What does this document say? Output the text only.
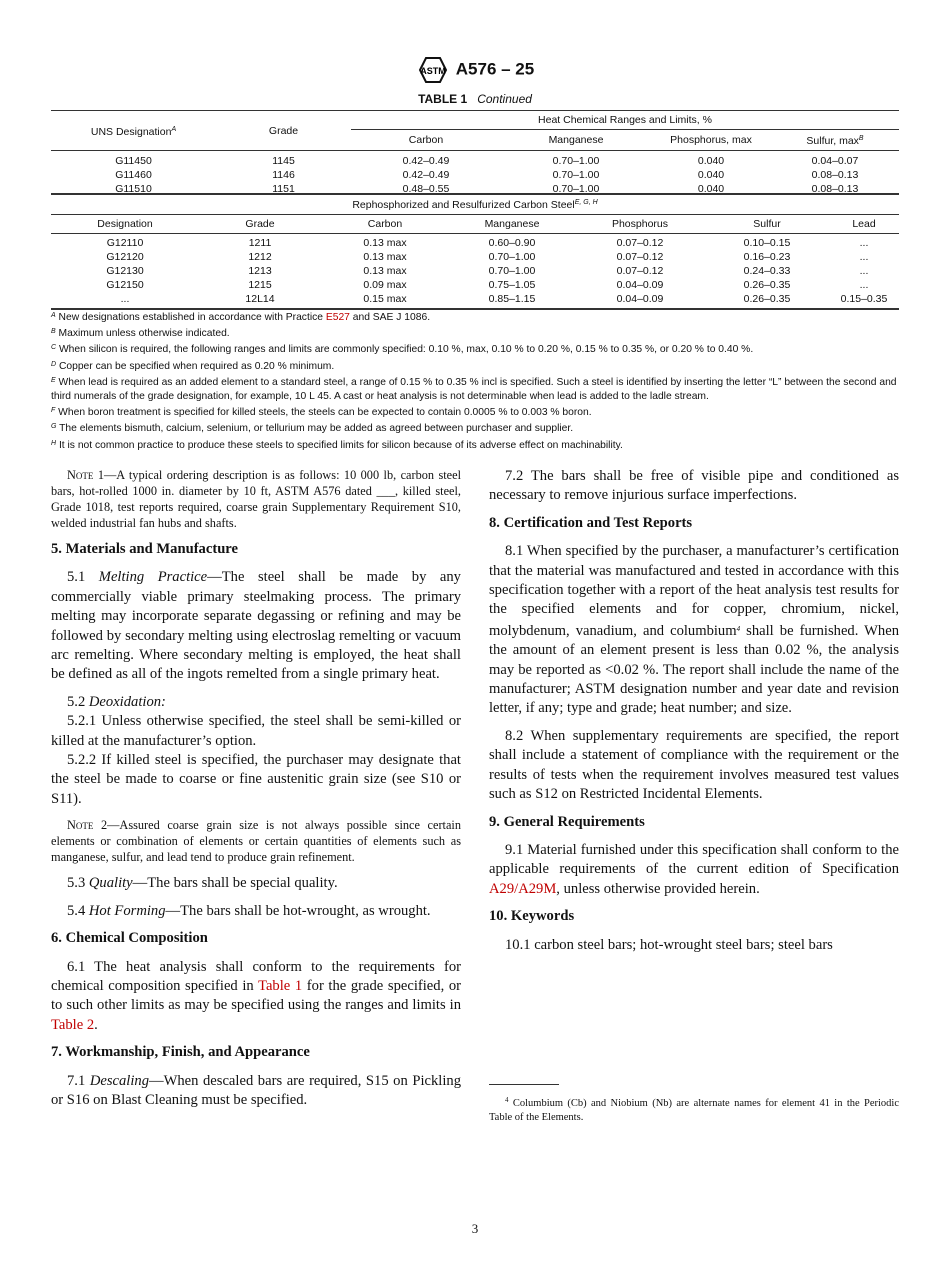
ASTM A576 – 25
TABLE 1 Continued
UNS Designation$^A$	Grade	Heat Chemical Ranges and Limits, %			
		Carbon	Manganese	Phosphorus, max	Sulfur, $\max^B$
G11450	1145	0.42–0.49	0.70–1.00	0.040	0.04–0.07
G11460	1146	0.42–0.49	0.70–1.00	0.040	0.08–0.13
G11510	1151	0.48–0.55	0.70–1.00	0.040	0.08–0.13
Rephosphorized and Resulfurized Carbon Steel$^{E, G, H}$
Designation	Grade	Carbon	Manganese	Phosphorus	Sulfur	Lead
G12110	1211	0.13 max	0.60–0.90	0.07–0.12	0.10–0.15	...
G12120	1212	0.13 max	0.70–1.00	0.07–0.12	0.16–0.23	...
G12130	1213	0.13 max	0.70–1.00	0.07–0.12	0.24–0.33	...
G12150	1215	0.09 max	0.75–1.05	0.04–0.09	0.26–0.35	...
...	12L14	0.15 max	0.85–1.15	0.04–0.09	0.26–0.35	0.15–0.35
$^A$ New designations established in accordance with Practice E527 and SAE J 1086.
$^B$ Maximum unless otherwise indicated.
$^C$ When silicon is required, the following ranges and limits are commonly specified: 0.10 %, max, 0.10 % to 0.20 %, 0.15 % to 0.35 %, or 0.20 % to 0.40 %.
$^D$ Copper can be specified when required as 0.20 % minimum.
$^E$ When lead is required as an added element to a standard steel, a range of 0.15 % to 0.35 % incl is specified. Such a steel is identified by inserting the letter “L” between the second and third numerals of the grade designation, for example, 10 L 45. A cast or heat analysis is not determinable when lead is added to the ladle stream.
$^F$ When boron treatment is specified for killed steels, the steels can be expected to contain 0.0005 % to 0.003 % boron.
$^G$ The elements bismuth, calcium, selenium, or tellurium may be added as agreed between purchaser and supplier.
$^H$ It is not common practice to produce these steels to specified limits for silicon because of its adverse effect on machinability.
Note 1—A typical ordering description is as follows: 10 000 lb, carbon steel bars, hot-rolled 1000 in. diameter by 10 ft, ASTM A576 dated ___, killed steel, Grade 1018, test reports required, coarse grain Supplementary Requirement S10, welded industrial fan hubs and shafts.
5. Materials and Manufacture
5.1 Melting Practice—The steel shall be made by any commercially viable primary steelmaking process. The primary melting may incorporate separate degassing or refining and may be followed by secondary melting using electroslag remelting or vacuum arc remelting. Where secondary melting is employed, the heat shall be defined as all of the ingots remelted from a single primary heat.
5.2 Deoxidation:
5.2.1 Unless otherwise specified, the steel shall be semi-killed or killed at the manufacturer’s option.
5.2.2 If killed steel is specified, the purchaser may designate that the steel be made to coarse or fine austenitic grain size (see S10 or S11).
Note 2—Assured coarse grain size is not always possible since certain elements or combination of elements or certain quantities of elements such as manganese, sulfur, and lead tend to produce grain refinement.
5.3 Quality—The bars shall be special quality.
5.4 Hot Forming—The bars shall be hot-wrought, as wrought.
6. Chemical Composition
6.1 The heat analysis shall conform to the requirements for chemical composition specified in Table 1 for the grade specified, or to such other limits as may be specified using the ranges and limits in Table 2.
7. Workmanship, Finish, and Appearance
7.1 Descaling—When descaled bars are required, S15 on Pickling or S16 on Blast Cleaning must be specified.
7.2 The bars shall be free of visible pipe and conditioned as necessary to remove injurious surface imperfections.
8. Certification and Test Reports
8.1 When specified by the purchaser, a manufacturer’s certification that the material was manufactured and tested in accordance with this specification together with a report of the heat analysis test results for the specified elements and for copper, chromium, nickel, molybdenum, vanadium, and columbium$^4$ shall be furnished. When the amount of an element present is less than 0.02 %, the analysis may be reported as <0.02 %. The report shall include the name of the manufacturer; ASTM designation number and year date and revision letter, if any; type and grade; heat number; and size.
8.2 When supplementary requirements are specified, the report shall include a statement of compliance with the requirement or the results of tests when the requirement involves measured test values such as S12 on Restricted Incidental Elements.
9. General Requirements
9.1 Material furnished under this specification shall conform to the applicable requirements of the current edition of Specification A29/A29M, unless otherwise provided herein.
10. Keywords
10.1 carbon steel bars; hot-wrought steel bars; steel bars
$^4$ Columbium (Cb) and Niobium (Nb) are alternate names for element 41 in the Periodic Table of the Elements.
3
